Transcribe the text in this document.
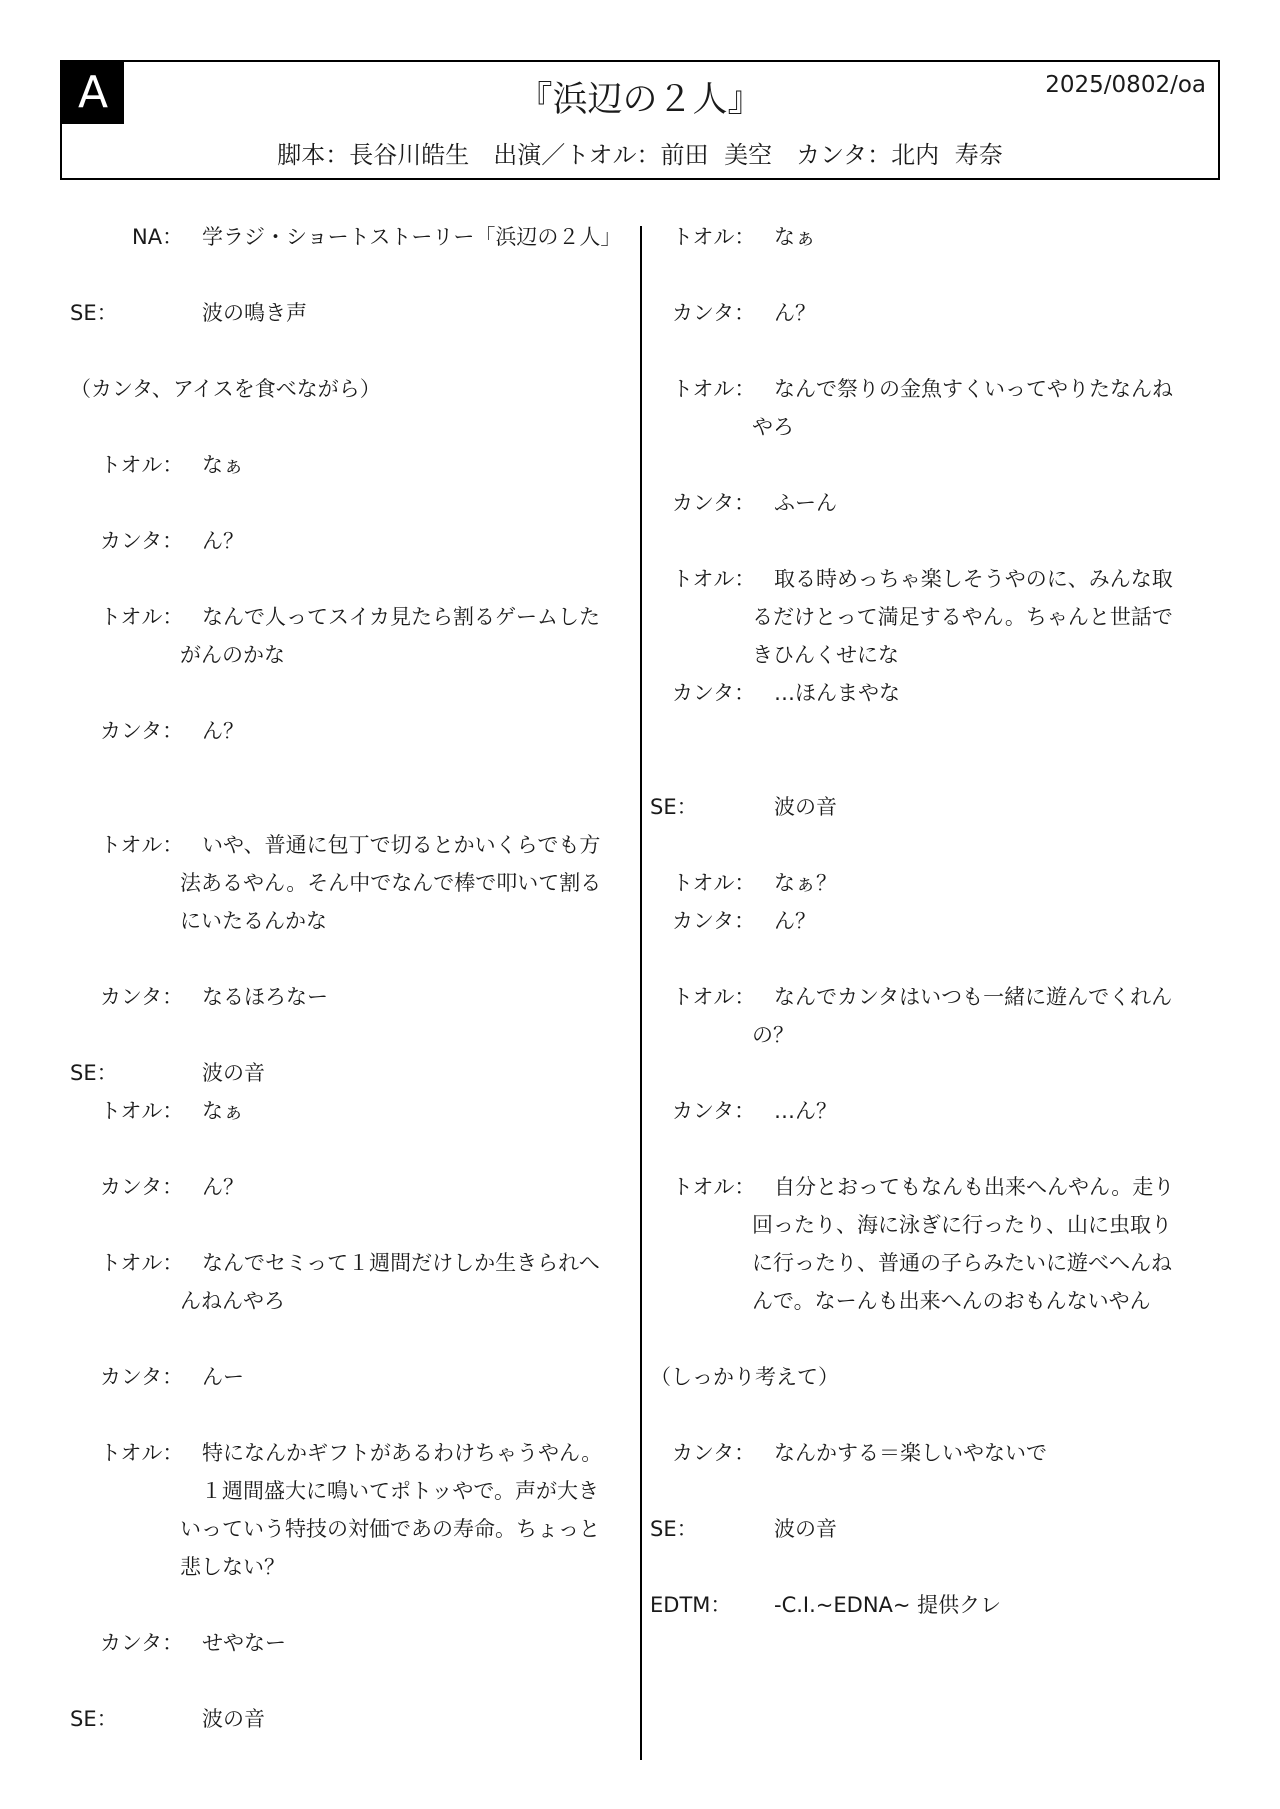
A	2025/0802/oa
『浜辺の２人』
脚本：長谷川皓生　出演／トオル：前田 美空　カンタ：北内 寿奈
NA： 学ラジ・ショートストーリー「浜辺の２人」
SE：	波の鳴き声
（カンタ、アイスを食べながら）
トオル： なぁ
カンタ： ん？
トオル： なんで人ってスイカ見たら割るゲームした
がんのかな
カンタ： ん？
トオル： いや、普通に包丁で切るとかいくらでも方
法あるやん。そん中でなんで棒で叩いて割る
にいたるんかな
カンタ： なるほろなー
SE：	波の音
トオル： なぁ
カンタ： ん？
トオル： なんでセミって１週間だけしか生きられへ
んねんやろ
カンタ： んー
トオル： 特になんかギフトがあるわけちゃうやん。
　１週間盛大に鳴いてポトッやで。声が大き
いっていう特技の対価であの寿命。ちょっと
悲しない？
カンタ： せやなー
SE：	波の音
トオル： なぁ
カンタ： ん？
トオル： なんで祭りの金魚すくいってやりたなんね
やろ
カンタ： ふーん
トオル： 取る時めっちゃ楽しそうやのに、みんな取
るだけとって満足するやん。ちゃんと世話で
きひんくせにな
カンタ： …ほんまやな
SE：	波の音
トオル： なぁ？
カンタ： ん？
トオル： なんでカンタはいつも一緒に遊んでくれん
の？
カンタ： …ん？
トオル： 自分とおってもなんも出来へんやん。走り
回ったり、海に泳ぎに行ったり、山に虫取り
に行ったり、普通の子らみたいに遊べへんね
んで。なーんも出来へんのおもんないやん
（しっかり考えて）
カンタ： なんかする＝楽しいやないで
SE：	波の音
EDTM：	-C.I.~EDNA~ 提供クレ
